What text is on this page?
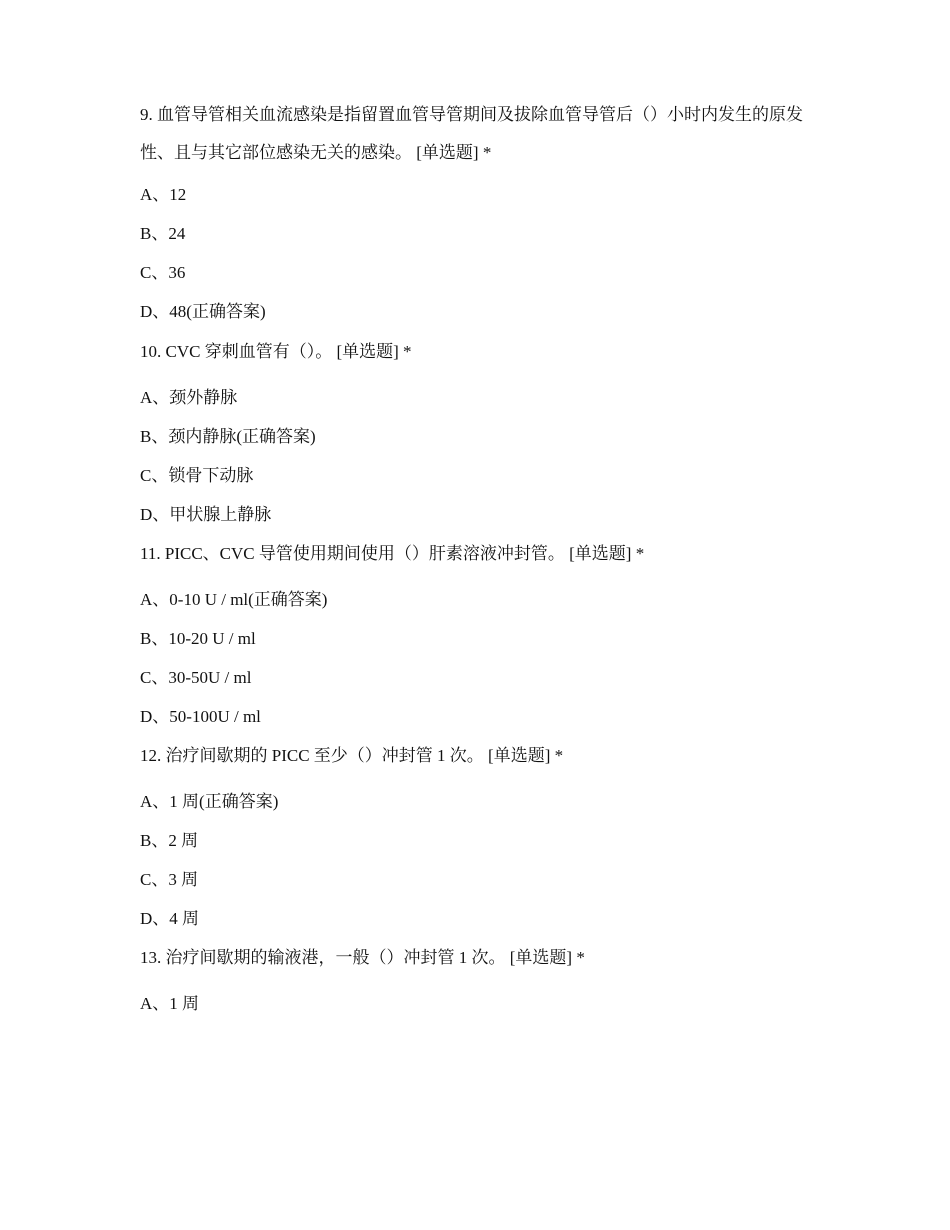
9. 血管导管相关血流感染是指留置血管导管期间及拔除血管导管后（）小时内发生的原发性、且与其它部位感染无关的感染。 [单选题] *

A、12

B、24

C、36

D、48(正确答案)

10. CVC 穿刺血管有（）。 [单选题] *

A、颈外静脉

B、颈内静脉(正确答案)

C、锁骨下动脉

D、甲状腺上静脉

11. PICC、CVC 导管使用期间使用（）肝素溶液冲封管。 [单选题] *

A、0-10 U / ml(正确答案)

B、10-20 U / ml

C、30-50U / ml

D、50-100U / ml

12. 治疗间歇期的 PICC 至少（）冲封管 1 次。 [单选题] *

A、1 周(正确答案)

B、2 周

C、3 周

D、4 周

13. 治疗间歇期的输液港，一般（）冲封管 1 次。 [单选题] *

A、1 周
